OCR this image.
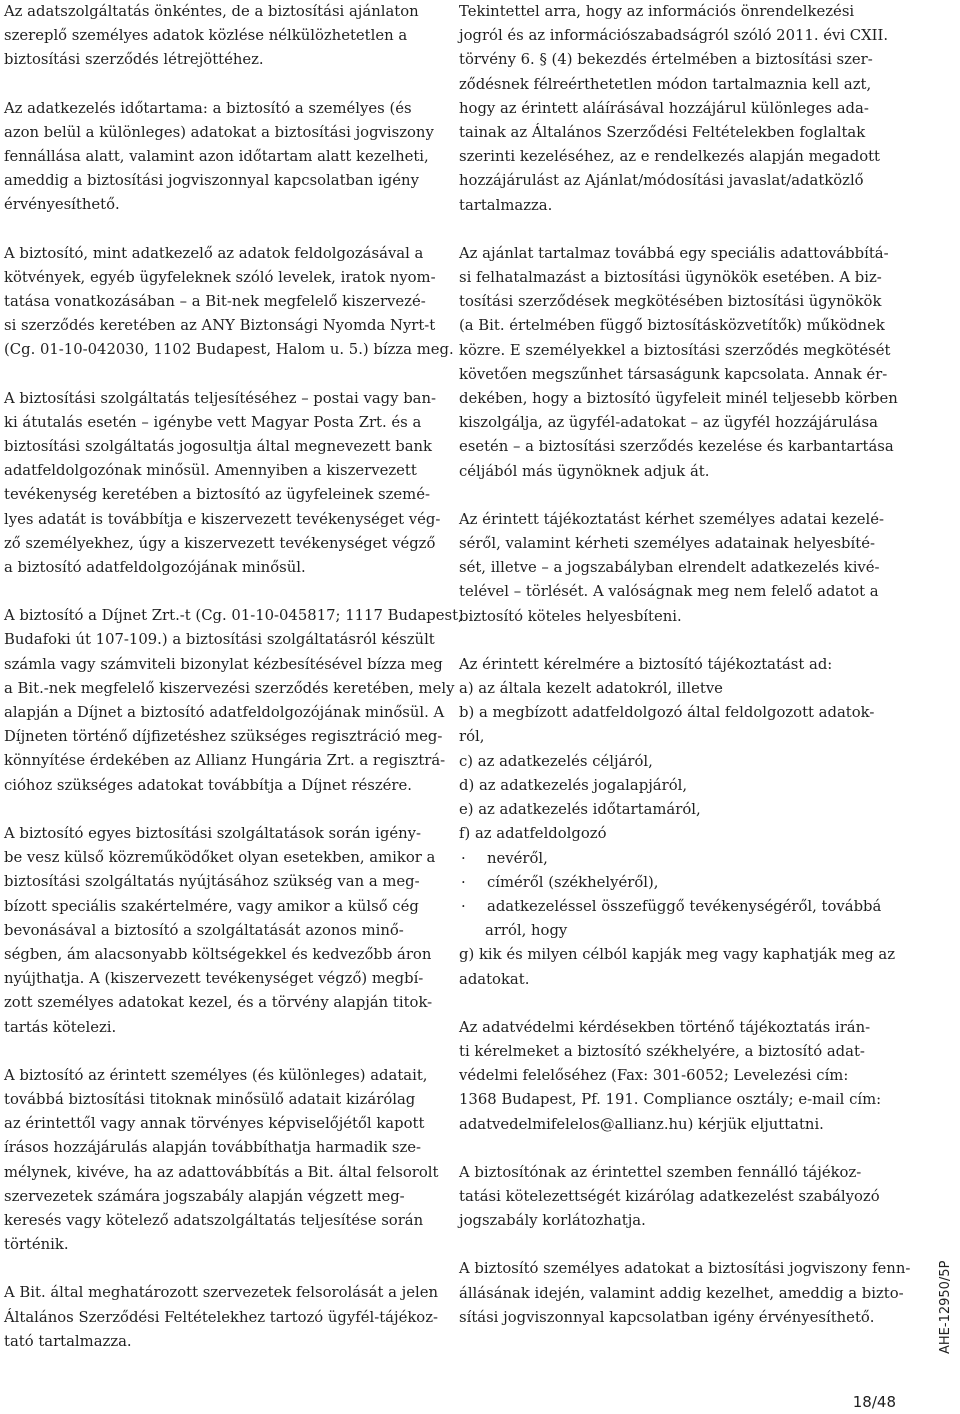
Az adatszolgáltatás önkéntes, de a biztosítási ajánlaton
szereplő személyes adatok közlése nélkülözhetetlen a
biztosítási szerződés létrejöttéhez.

Az adatkezelés időtartama: a biztosító a személyes (és
azon belül a különleges) adatokat a biztosítási jogviszony
fennállása alatt, valamint azon időtartam alatt kezelheti,
ameddig a biztosítási jogviszonnyal kapcsolatban igény
érvényesíthető.

A biztosító, mint adatkezelő az adatok feldolgozásával a
kötvények, egyéb ügyfeleknek szóló levelek, iratok nyom-
tatása vonatkozásában – a Bit-nek megfelelő kiszervezé-
si szerződés keretében az ANY Biztonsági Nyomda Nyrt-t
(Cg. 01-10-042030, 1102 Budapest, Halom u. 5.) bízza meg.

A biztosítási szolgáltatás teljesítéséhez – postai vagy ban-
ki átutalás esetén – igénybe vett Magyar Posta Zrt. és a
biztosítási szolgáltatás jogosultja által megnevezett bank
adatfeldolgozónak minősül. Amennyiben a kiszervezett
tevékenység keretében a biztosító az ügyfeleinek szemé-
lyes adatát is továbbítja e kiszervezett tevékenységet vég-
ző személyekhez, úgy a kiszervezett tevékenységet végző
a biztosító adatfeldolgozójának minősül.

A biztosító a Díjnet Zrt.-t (Cg. 01-10-045817; 1117 Budapest,
Budafoki út 107-109.) a biztosítási szolgáltatásról készült
számla vagy számviteli bizonylat kézbesítésével bízza meg
a Bit.-nek megfelelő kiszervezési szerződés keretében, mely
alapján a Díjnet a biztosító adatfeldolgozójának minősül. A
Díjneten történő díjfizetéshez szükséges regisztráció meg-
könnyítése érdekében az Allianz Hungária Zrt. a regisztrá-
cióhoz szükséges adatokat továbbítja a Díjnet részére.

A biztosító egyes biztosítási szolgáltatások során igény-
be vesz külső közreműködőket olyan esetekben, amikor a
biztosítási szolgáltatás nyújtásához szükség van a meg-
bízott speciális szakértelmére, vagy amikor a külső cég
bevonásával a biztosító a szolgáltatását azonos minő-
ségben, ám alacsonyabb költségekkel és kedvezőbb áron
nyújthatja. A (kiszervezett tevékenységet végző) megbí-
zott személyes adatokat kezel, és a törvény alapján titok-
tartás kötelezi.

A biztosító az érintett személyes (és különleges) adatait,
továbbá biztosítási titoknak minősülő adatait kizárólag
az érintettől vagy annak törvényes képviselőjétől kapott
írásos hozzájárulás alapján továbbíthatja harmadik sze-
mélynek, kivéve, ha az adattovábbítás a Bit. által felsorolt
szervezetek számára jogszabály alapján végzett meg-
keresés vagy kötelező adatszolgáltatás teljesítése során
történik.

A Bit. által meghatározott szervezetek felsorolását a jelen
Általános Szerződési Feltételekhez tartozó ügyfél-tájékoz-
tató tartalmazza.

Tekintettel arra, hogy az információs önrendelkezési
jogról és az információszabadságról szóló 2011. évi CXII.
törvény 6. § (4) bekezdés értelmében a biztosítási szer-
ződésnek félreérthetetlen módon tartalmaznia kell azt,
hogy az érintett aláírásával hozzájárul különleges ada-
tainak az Általános Szerződési Feltételekben foglaltak
szerinti kezeléséhez, az e rendelkezés alapján megadott
hozzájárulást az Ajánlat/módosítási javaslat/adatközlő
tartalmazza.

Az ajánlat tartalmaz továbbá egy speciális adattovábbítá-
si felhatalmazást a biztosítási ügynökök esetében. A biz-
tosítási szerződések megkötésében biztosítási ügynökök
(a Bit. értelmében függő biztosításközvetítők) működnek
közre. E személyekkel a biztosítási szerződés megkötését
követően megszűnhet társaságunk kapcsolata. Annak ér-
dekében, hogy a biztosító ügyfeleit minél teljesebb körben
kiszolgálja, az ügyfél-adatokat – az ügyfél hozzájárulása
esetén – a biztosítási szerződés kezelése és karbantartása
céljából más ügynöknek adjuk át.

Az érintett tájékoztatást kérhet személyes adatai kezelé-
séről, valamint kérheti személyes adatainak helyesbíté-
sét, illetve – a jogszabályban elrendelt adatkezelés kivé-
telével – törlését. A valóságnak meg nem felelő adatot a
biztosító köteles helyesbíteni.

Az érintett kérelmére a biztosító tájékoztatást ad:
a) az általa kezelt adatokról, illetve
b) a megbízott adatfeldolgozó által feldolgozott adatok-
ról,
c) az adatkezelés céljáról,
d) az adatkezelés jogalapjáról,
e) az adatkezelés időtartamáról,
f) az adatfeldolgozó
· nevéről,
· címéről (székhelyéről),
· adatkezeléssel összefüggő tevékenységéről, továbbá
arról, hogy
g) kik és milyen célból kapják meg vagy kaphatják meg az
adatokat.

Az adatvédelmi kérdésekben történő tájékoztatás irán-
ti kérelmeket a biztosító székhelyére, a biztosító adat-
védelmi felelőséhez (Fax: 301-6052; Levelezési cím:
1368 Budapest, Pf. 191. Compliance osztály; e-mail cím:
adatvedelmifelelos@allianz.hu) kérjük eljuttatni.

A biztosítónak az érintettel szemben fennálló tájékoz-
tatási kötelezettségét kizárólag adatkezelést szabályozó
jogszabály korlátozhatja.

A biztosító személyes adatokat a biztosítási jogviszony fenn-
állásának idején, valamint addig kezelhet, ameddig a bizto-
sítási jogviszonnyal kapcsolatban igény érvényesíthető.	AHE-12950/5P
18/48
